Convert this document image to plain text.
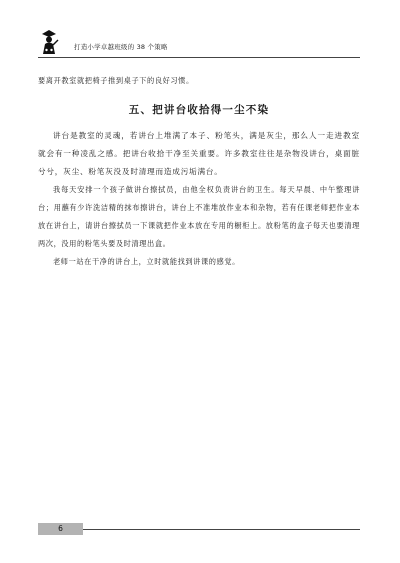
打造小学卓越班级的 38 个策略

要离开教室就把椅子推到桌子下的良好习惯。

五、把讲台收拾得一尘不染

讲台是教室的灵魂，若讲台上堆满了本子、粉笔头，满是灰尘，那么人一走进教室就会有一种凌乱之感。把讲台收拾干净至关重要。许多教室往往是杂物没讲台，桌面脏兮兮，灰尘、粉笔灰没及时清理而造成污垢满台。

我每天安排一个孩子做讲台擦拭员，由他全权负责讲台的卫生。每天早晨、中午整理讲台；用蘸有少许洗洁精的抹布擦讲台，讲台上不准堆放作业本和杂物，若有任课老师把作业本放在讲台上，请讲台擦拭员一下课就把作业本放在专用的橱柜上。放粉笔的盒子每天也要清理两次，没用的粉笔头要及时清理出盒。

老师一站在干净的讲台上，立时就能找到讲课的感觉。

6
